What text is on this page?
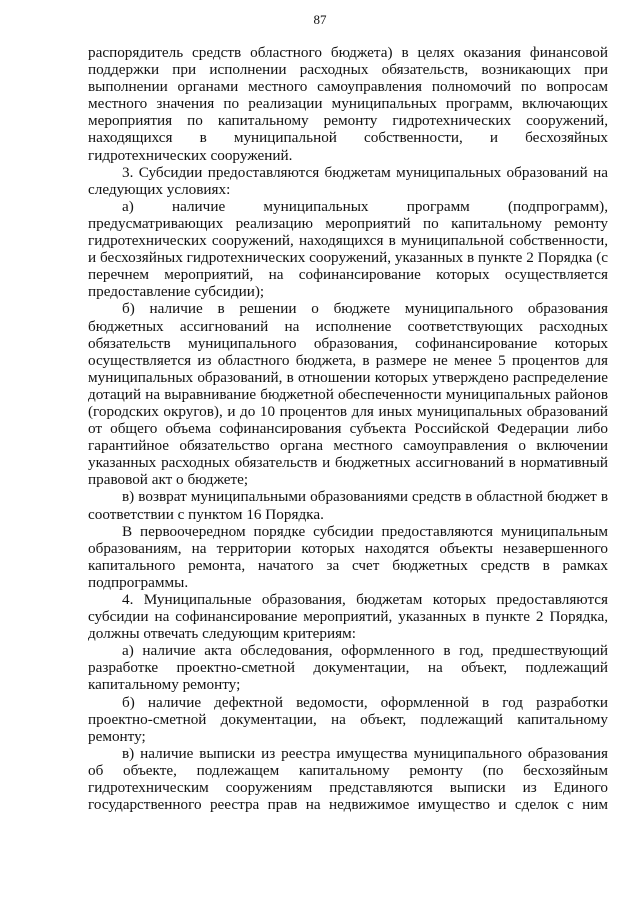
87

распорядитель средств областного бюджета) в целях оказания финансовой поддержки при исполнении расходных обязательств, возникающих при выполнении органами местного самоуправления полномочий по вопросам местного значения по реализации муниципальных программ, включающих мероприятия по капитальному ремонту гидротехнических сооружений, находящихся в муниципальной собственности, и бесхозяйных гидротехнических сооружений.

3. Субсидии предоставляются бюджетам муниципальных образований на следующих условиях:

а) наличие муниципальных программ (подпрограмм), предусматривающих реализацию мероприятий по капитальному ремонту гидротехнических сооружений, находящихся в муниципальной собственности, и бесхозяйных гидротехнических сооружений, указанных в пункте 2 Порядка (с перечнем мероприятий, на софинансирование которых осуществляется предоставление субсидии);

б) наличие в решении о бюджете муниципального образования бюджетных ассигнований на исполнение соответствующих расходных обязательств муниципального образования, софинансирование которых осуществляется из областного бюджета, в размере не менее 5 процентов для муниципальных образований, в отношении которых утверждено распределение дотаций на выравнивание бюджетной обеспеченности муниципальных районов (городских округов), и до 10 процентов для иных муниципальных образований от общего объема софинансирования субъекта Российской Федерации либо гарантийное обязательство органа местного самоуправления о включении указанных расходных обязательств и бюджетных ассигнований в нормативный правовой акт о бюджете;

в) возврат муниципальными образованиями средств в областной бюджет в соответствии с пунктом 16 Порядка.

В первоочередном порядке субсидии предоставляются муниципальным образованиям, на территории которых находятся объекты незавершенного капитального ремонта, начатого за счет бюджетных средств в рамках подпрограммы.

4. Муниципальные образования, бюджетам которых предоставляются субсидии на софинансирование мероприятий, указанных в пункте 2 Порядка, должны отвечать следующим критериям:

а) наличие акта обследования, оформленного в год, предшествующий разработке проектно-сметной документации, на объект, подлежащий капитальному ремонту;

б) наличие дефектной ведомости, оформленной в год разработки проектно-сметной документации, на объект, подлежащий капитальному ремонту;

в) наличие выписки из реестра имущества муниципального образования об объекте, подлежащем капитальному ремонту (по бесхозяйным гидротехническим сооружениям представляются выписки из Единого государственного реестра прав на недвижимое имущество и сделок с ним
